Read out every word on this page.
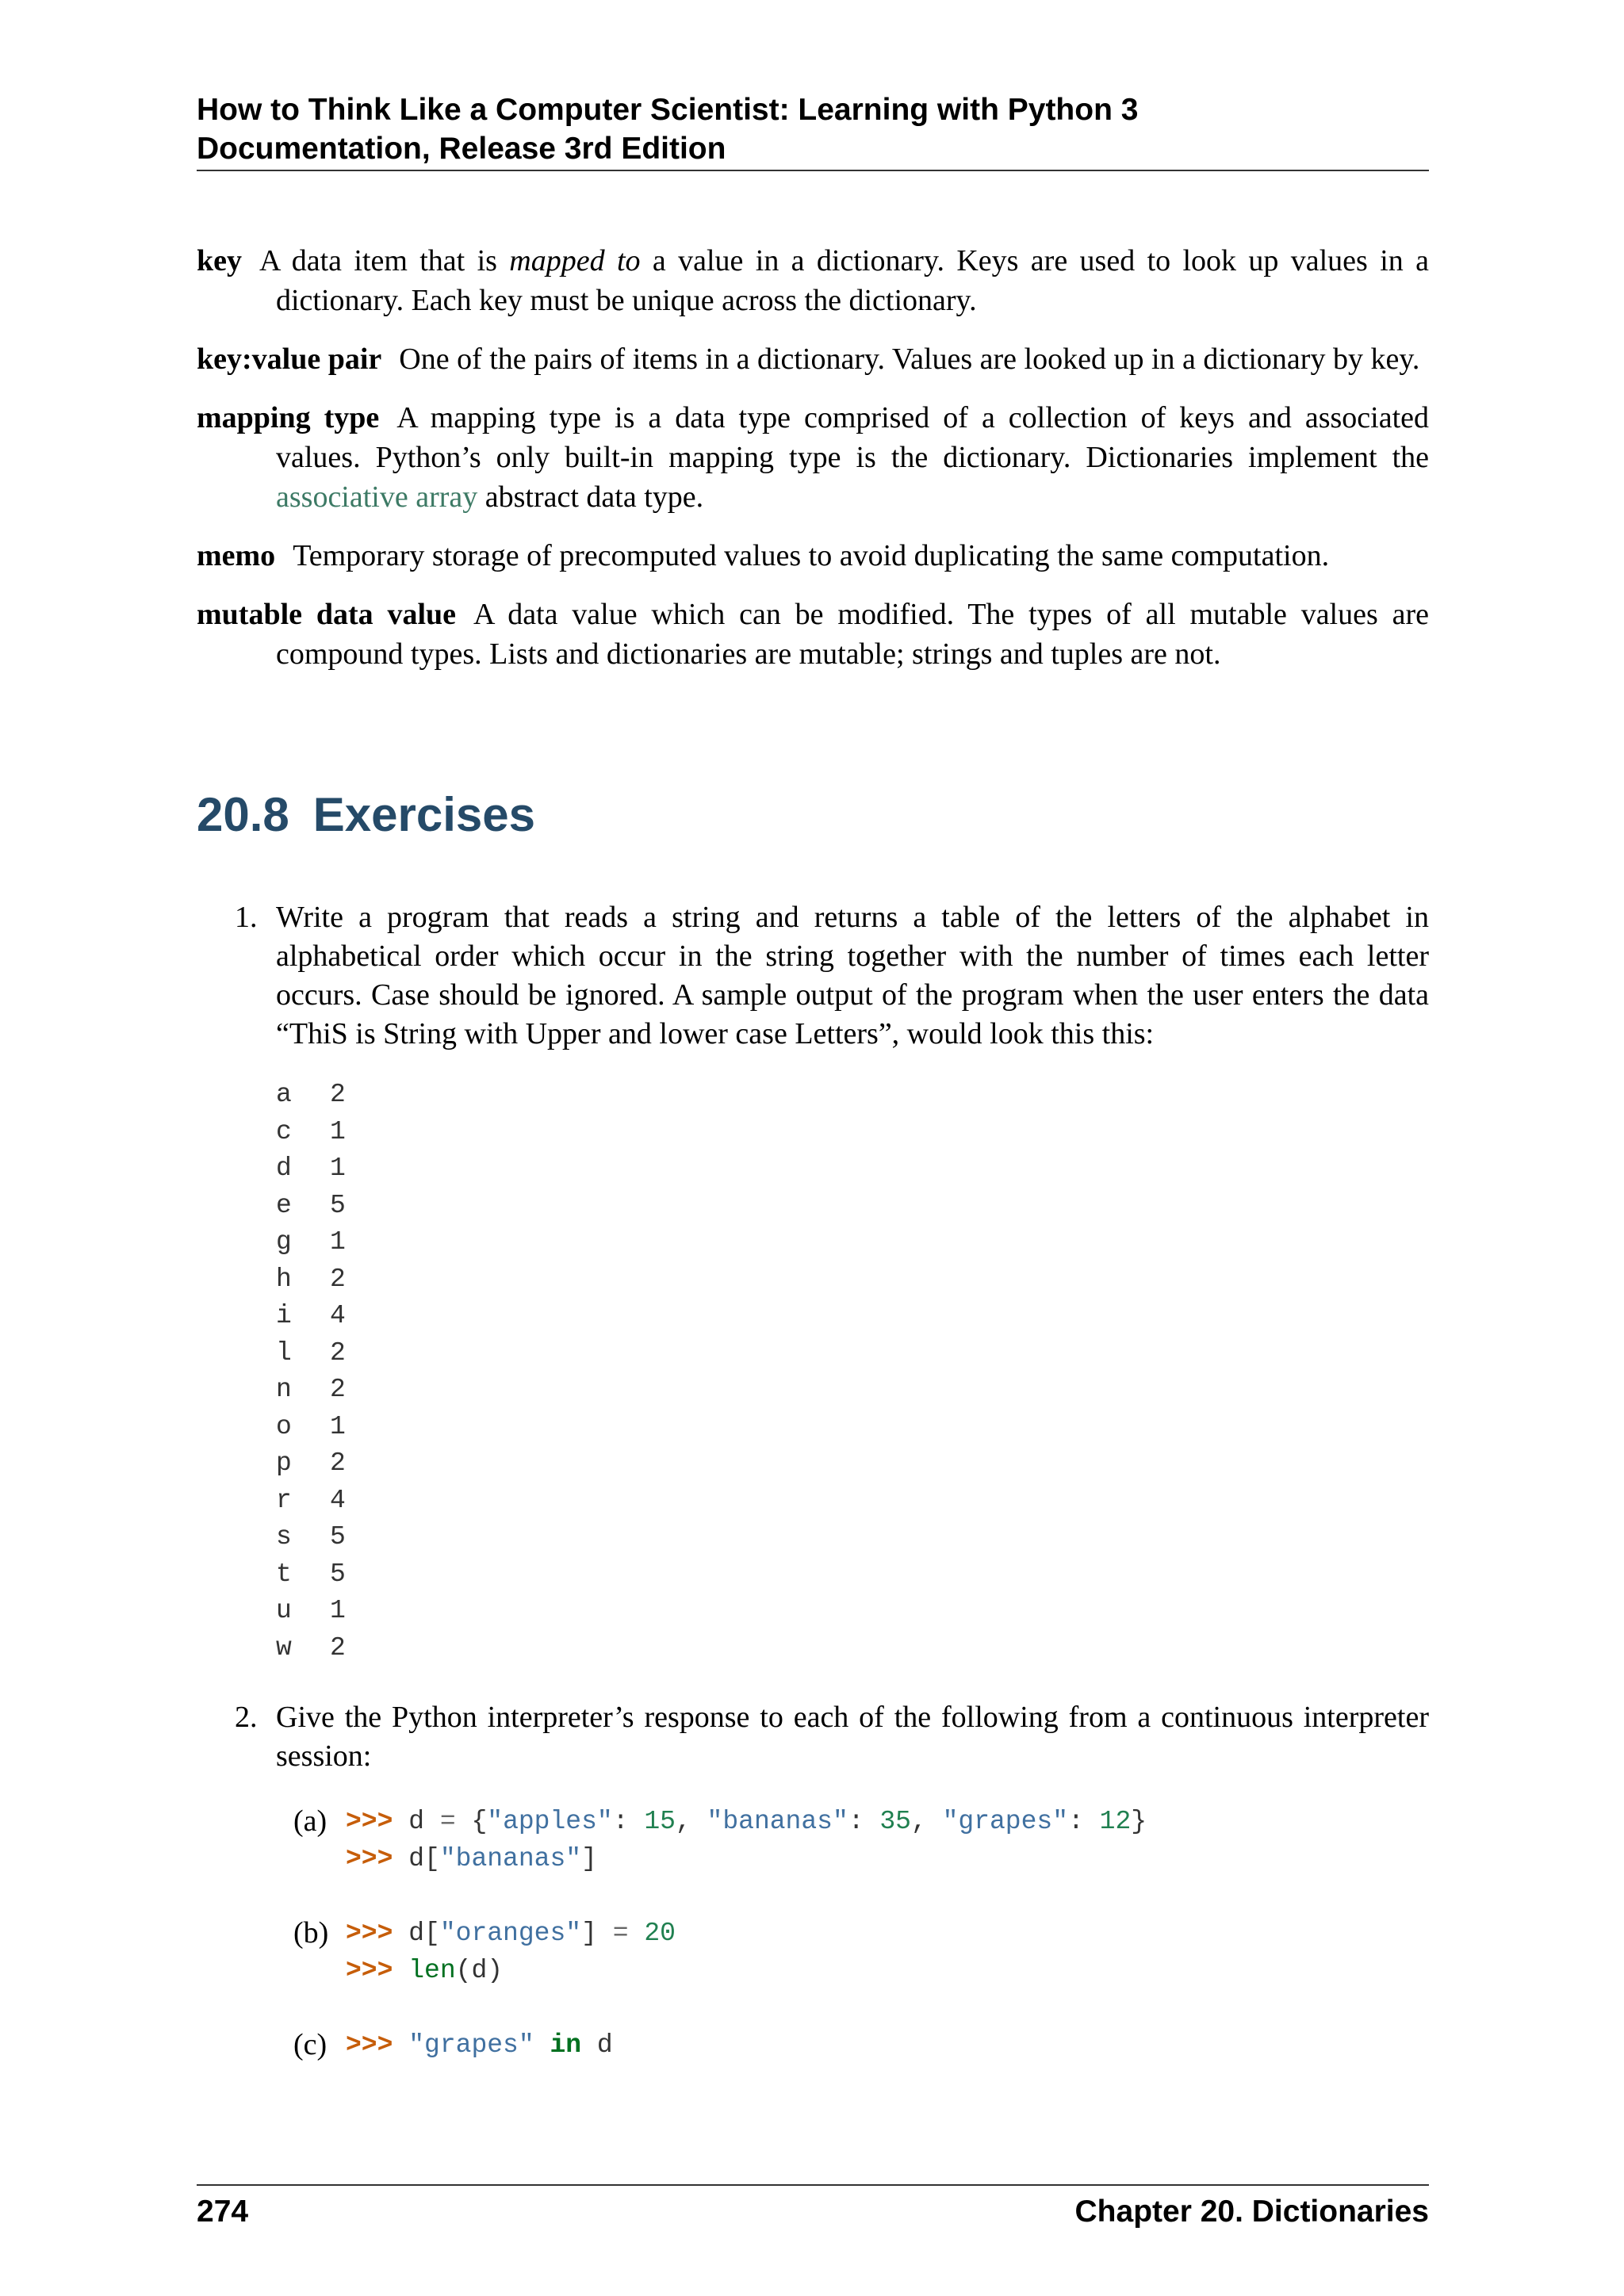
How to Think Like a Computer Scientist: Learning with Python 3
Documentation, Release 3rd Edition

key A data item that is mapped to a value in a dictionary. Keys are used to look up values in a dictionary. Each key must be unique across the dictionary.

key:value pair One of the pairs of items in a dictionary. Values are looked up in a dictionary by key.

mapping type A mapping type is a data type comprised of a collection of keys and associated values. Python’s only built-in mapping type is the dictionary. Dictionaries implement the associative array abstract data type.

memo Temporary storage of precomputed values to avoid duplicating the same computation.

mutable data value A data value which can be modified. The types of all mutable values are compound types. Lists and dictionaries are mutable; strings and tuples are not.

20.8 Exercises
1. Write a program that reads a string and returns a table of the letters of the alphabet in alphabetical order which occur in the string together with the number of times each letter occurs. Case should be ignored. A sample output of the program when the user enters the data “ThiS is String with Upper and lower case Letters”, would look this this:

a 2
c 1
d 1
e 5
g 1
h 2
i 4
l 2
n 2
o 1
p 2
r 4
s 5
t 5
u 1
w 2
2. Give the Python interpreter’s response to each of the following from a continuous interpreter session:

(a) >>> d = {"apples": 15, "bananas": 35, "grapes": 12}
>>> d["bananas"]
(b) >>> d["oranges"] = 20
>>> len(d)
(c) >>> "grapes" in d
274	Chapter 20. Dictionaries
